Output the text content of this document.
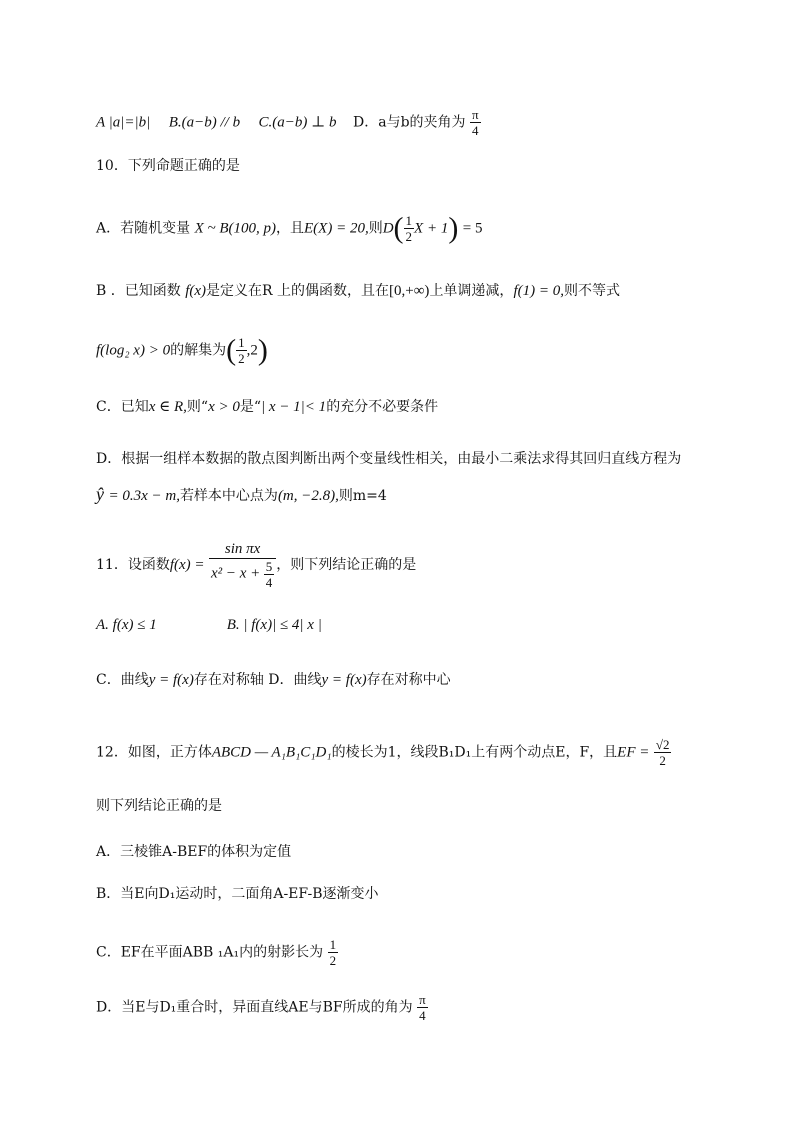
A |a|=|b| B.(a−b) // b C.(a−b) ⊥ b D．a与b的夹角为 $\frac{\pi}{4}$
10．下列命题正确的是
A．若随机变量 X ~ B(100, p)，且E(X) = 20,则$D( \frac{1}{2}$ X + 1) = 5
B ．已知函数 f(x)是定义在R 上的偶函数，且在[0,+∞)上单调递减，f(1) = 0,则不等式
f(log₂ x) > 0的解集为( $\frac{1}{2} ,2$)
C．已知x ∈ R,则“x > 0是“| x − 1|< 1的充分不必要条件
D．根据一组样本数据的散点图判断出两个变量线性相关，由最小二乘法求得其回归直线方程为
ŷ = 0.3x − m,若样本中心点为(m, −2.8),则m=4
11．设函数$f(x) = \frac{\text{sin πx}}{x^2 - x + \frac{5}{4}}$ ，则下列结论正确的是
A. f(x) ≤ 1	B. | f(x)| ≤ 4| x |
C．曲线y = f(x)存在对称轴 D．曲线y = f(x)存在对称中心
12．如图，正方体ABCD — A₁B₁C₁D₁的棱长为1，线段B₁D₁上有两个动点E，F，且EF = $\frac{√2}{2}$
则下列结论正确的是
A．三棱锥A-BEF的体积为定值
B．当E向D₁运动时，二面角A-EF-B逐渐变小
C．EF在平面ABB ₁A₁内的射影长为 $\frac{1}{2}$
D．当E与D₁重合时，异面直线AE与BF所成的角为 $\frac{\pi}{4}$
